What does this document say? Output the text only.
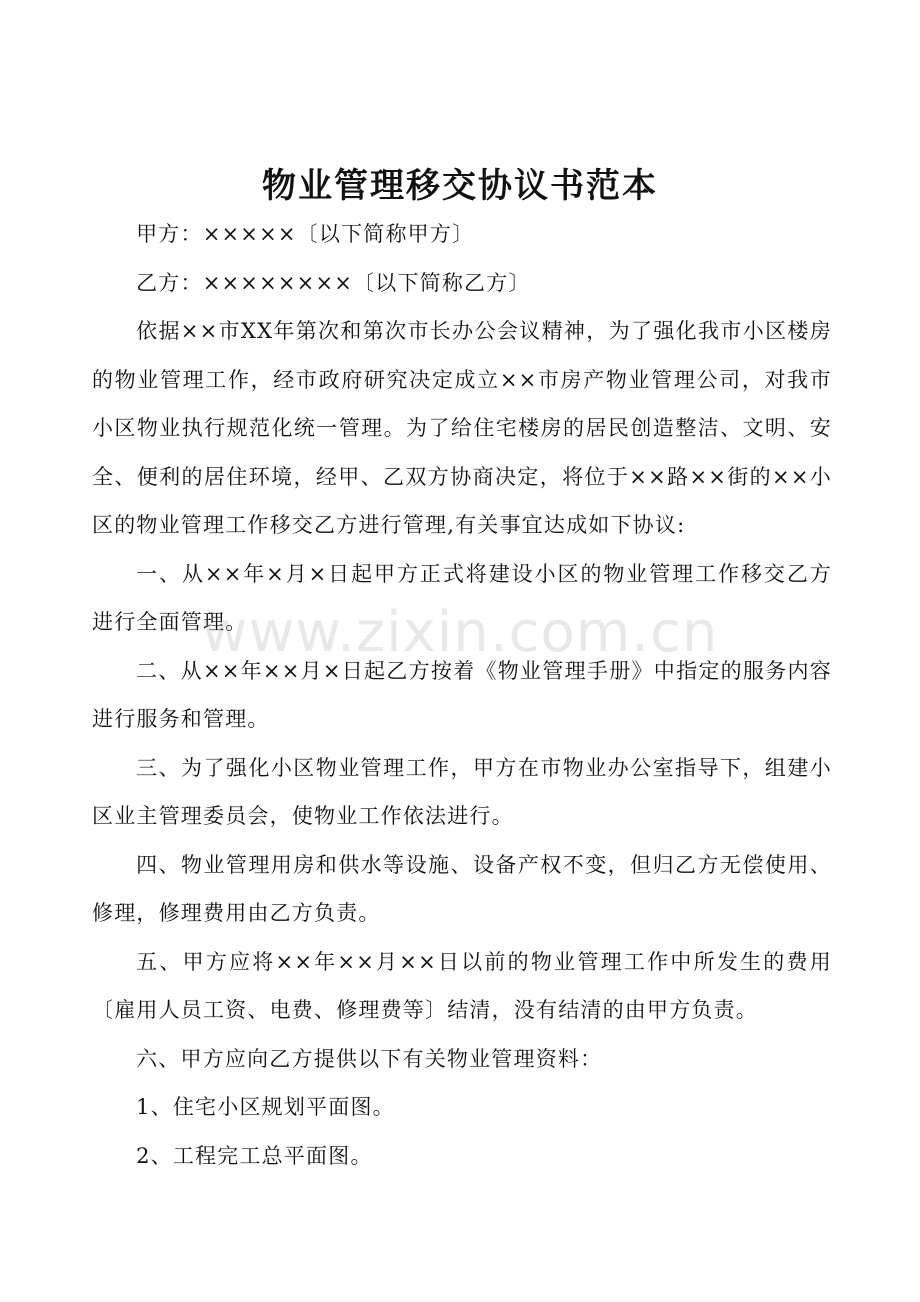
物业管理移交协议书范本

甲方：×××××〔以下简称甲方〕

乙方：××××××××〔以下简称乙方〕

依据××市XX年第次和第次市长办公会议精神，为了强化我市小区楼房的物业管理工作，经市政府研究决定成立××市房产物业管理公司，对我市小区物业执行规范化统一管理。为了给住宅楼房的居民创造整洁、文明、安全、便利的居住环境，经甲、乙双方协商决定，将位于××路××街的××小区的物业管理工作移交乙方进行管理,有关事宜达成如下协议:

一、从××年×月×日起甲方正式将建设小区的物业管理工作移交乙方进行全面管理。

二、从××年××月×日起乙方按着《物业管理手册》中指定的服务内容进行服务和管理。

三、为了强化小区物业管理工作，甲方在市物业办公室指导下，组建小区业主管理委员会，使物业工作依法进行。

四、物业管理用房和供水等设施、设备产权不变，但归乙方无偿使用、修理，修理费用由乙方负责。

五、甲方应将××年××月××日以前的物业管理工作中所发生的费用〔雇用人员工资、电费、修理费等〕结清，没有结清的由甲方负责。

六、甲方应向乙方提供以下有关物业管理资料：

1、住宅小区规划平面图。

2、工程完工总平面图。

www.zixin.com.cn
